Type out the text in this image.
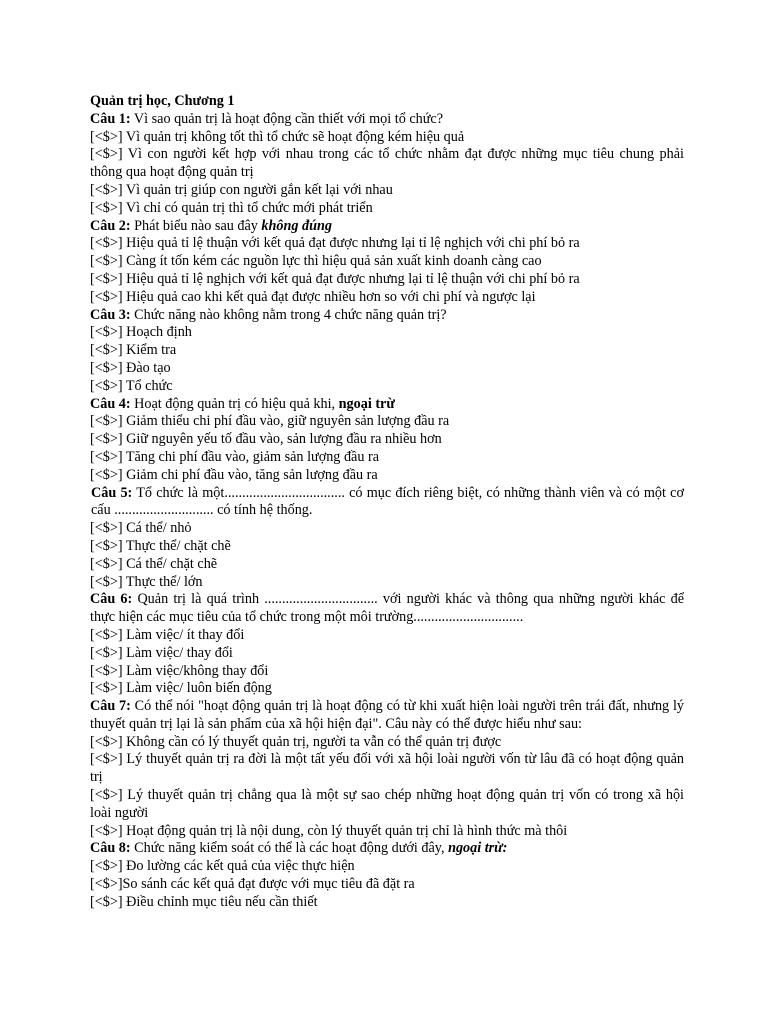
Quản trị học, Chương 1
Câu 1: Vì sao quản trị là hoạt động cần thiết với mọi tổ chức?
[<$>] Vì quản trị không tốt thì tổ chức sẽ hoạt động kém hiệu quả
[<$>] Vì con người kết hợp với nhau trong các tổ chức nhằm đạt được những mục tiêu chung phải thông qua hoạt động quản trị
[<$>] Vì quản trị giúp con người gắn kết lại với nhau
[<$>] Vì chỉ có quản trị thì tổ chức mới phát triển
Câu 2: Phát biểu nào sau đây không đúng
[<$>] Hiệu quả tỉ lệ thuận với kết quả đạt được nhưng lại tỉ lệ nghịch với chi phí bỏ ra
[<$>] Càng ít tốn kém các nguồn lực thì hiệu quả sản xuất kinh doanh càng cao
[<$>] Hiệu quả tỉ lệ nghịch với kết quả đạt được nhưng lại tỉ lệ thuận với chi phí bỏ ra
[<$>] Hiệu quả cao khi kết quả đạt được nhiều hơn so với chi phí và ngược lại
Câu 3: Chức năng nào không nằm trong 4 chức năng quản trị?
[<$>] Hoạch định
[<$>] Kiểm tra
[<$>] Đào tạo
[<$>] Tổ chức
Câu 4: Hoạt động quản trị có hiệu quả khi, ngoại trừ
[<$>] Giảm thiểu chi phí đầu vào, giữ nguyên sản lượng đầu ra
[<$>] Giữ nguyên yếu tố đầu vào, sản lượng đầu ra nhiều hơn
[<$>] Tăng chi phí đầu vào, giảm sản lượng đầu ra
[<$>] Giảm chi phí đầu vào, tăng sản lượng đầu ra
Câu 5: Tổ chức là một.................................. có mục đích riêng biệt, có những thành viên và có một cơ cấu ............................ có tính hệ thống.
[<$>] Cá thể/ nhỏ
[<$>] Thực thể/ chặt chẽ
[<$>] Cá thể/ chặt chẽ
[<$>] Thực thể/ lớn
Câu 6: Quản trị là quá trình ................................ với người khác và thông qua những người khác để thực hiện các mục tiêu của tổ chức trong một môi trường...............................
[<$>] Làm việc/ ít thay đổi
[<$>] Làm việc/ thay đổi
[<$>] Làm việc/không thay đổi
[<$>] Làm việc/ luôn biến động
Câu 7: Có thể nói "hoạt động quản trị là hoạt động có từ khi xuất hiện loài người trên trái đất, nhưng lý thuyết quản trị lại là sản phẩm của xã hội hiện đại". Câu này có thể được hiểu như sau:
[<$>] Không cần có lý thuyết quản trị, người ta vẫn có thể quản trị được
[<$>] Lý thuyết quản trị ra đời là một tất yếu đối với xã hội loài người vốn từ lâu đã có hoạt động quản trị
[<$>] Lý thuyết quản trị chẳng qua là một sự sao chép những hoạt động quản trị vốn có trong xã hội loài người
[<$>] Hoạt động quản trị là nội dung, còn lý thuyết quản trị chỉ là hình thức mà thôi
Câu 8: Chức năng kiểm soát có thể là các hoạt động dưới đây, ngoại trừ:
[<$>] Đo lường các kết quả của việc thực hiện
[<$>]So sánh các kết quả đạt được với mục tiêu đã đặt ra
[<$>] Điều chỉnh mục tiêu nếu cần thiết
